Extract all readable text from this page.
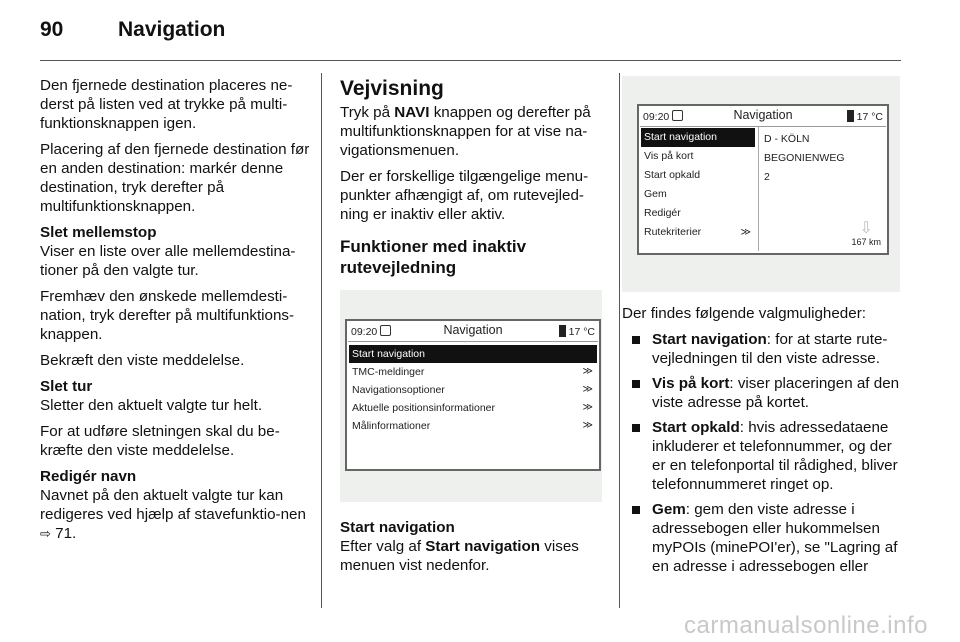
90	Navigation

Den fjernede destination placeres ne-derst på listen ved at trykke på multi-funktionsknappen igen.

Placering af den fjernede destination før en anden destination: markér denne destination, tryk derefter på multifunktionsknappen.

Slet mellemstop

Viser en liste over alle mellemdestina-tioner på den valgte tur.

Fremhæv den ønskede mellemdesti-nation, tryk derefter på multifunktions-knappen.

Bekræft den viste meddelelse.

Slet tur

Sletter den aktuelt valgte tur helt.

For at udføre sletningen skal du be-kræfte den viste meddelelse.

Redigér navn

Navnet på den aktuelt valgte tur kan redigeres ved hjælp af stavefunktio-nen ⇨ 71.

Vejvisning

Tryk på NAVI knappen og derefter på multifunktionsknappen for at vise na-vigationsmenuen.

Der er forskellige tilgængelige menu-punkter afhængigt af, om rutevejled-ning er inaktiv eller aktiv.

Funktioner med inaktiv rutevejledning
09:20	Navigation	17 °C
Start navigation
TMC-meldinger	≫
Navigationsoptioner	≫
Aktuelle positionsinformationer	≫
Målinformationer	≫
Start navigation

Efter valg af Start navigation vises menuen vist nedenfor.

09:20	Navigation	17 °C
Start navigation
Vis på kort
Start opkald
Gem
Redigér
Rutekriterier	≫
D - KÖLN
BEGONIENWEG
2
⇩
167 km

Der findes følgende valgmuligheder:

Start navigation: for at starte rute-vejledningen til den viste adresse.
Vis på kort: viser placeringen af den viste adresse på kortet.
Start opkald: hvis adressedataene inkluderer et telefonnummer, og der er en telefonportal til rådighed, bliver telefonnummeret ringet op.
Gem: gem den viste adresse i adressebogen eller hukommelsen myPOIs (minePOI'er), se "Lagring af en adresse i adressebogen eller
carmanualsonline.info
